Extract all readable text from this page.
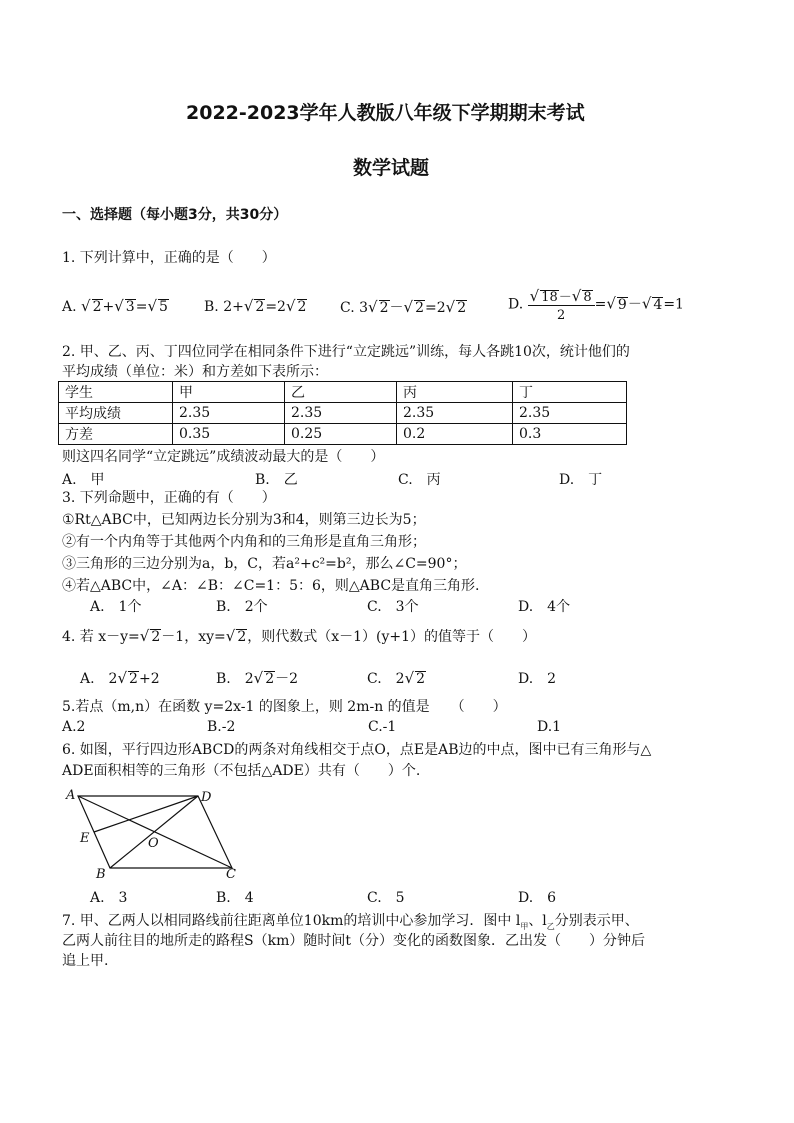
2022-2023学年人教版八年级下学期期末考试
数学试题
一、选择题（每小题3分，共30分）
1. 下列计算中，正确的是（　　）
A. √ 2+√ 3=√ 5	B. 2+√ 2=2√ 2 C. 3√ 2－√ 2=2√ 2	D. $\frac{√ 18-√ 8}{2}$ =√ 9－√ 4=1
2. 甲、乙、丙、丁四位同学在相同条件下进行“立定跳远”训练，每人各跳10次，统计他们的
平均成绩（单位：米）和方差如下表所示：
学生	甲	乙	丙	丁
平均成绩	2.35	2.35	2.35	2.35
方差	0.35	0.25	0.2	0.3
则这四名同学“立定跳远”成绩波动最大的是（　　）
A.　甲	B.　乙	C.　丙	D.　丁
3. 下列命题中，正确的有（　　）
①Rt△ABC中，已知两边长分别为3和4，则第三边长为5；
②有一个内角等于其他两个内角和的三角形是直角三角形；
③三角形的三边分别为a，b，C，若a²+c²=b²，那么∠C=90°；
④若△ABC中，∠A：∠B：∠C=1：5：6，则△ABC是直角三角形.
A.　1个	B.　2个	C.　3个	D.　4个
4. 若 x－y=√ 2－1，xy=√ 2，则代数式（x－1）(y+1）的值等于（　　）
A.　2√ 2+2	B.　2√ 2－2	C.　2√ 2	D.　2
5.若点（m,n）在函数 y=2x-1 的图象上，则 2m-n 的值是　　（　　）
A.2	B.-2	C.-1	D.1
6. 如图，平行四边形ABCD的两条对角线相交于点O，点E是AB边的中点，图中已有三角形与△
ADE面积相等的三角形（不包括△ADE）共有（　　）个.
A	D
E	O
B	C
A.　3	B.　4	C.　5	D.　6
7. 甲、乙两人以相同路线前往距离单位10km的培训中心参加学习．图中 $l_甲$、$l_乙$分别表示甲、
乙两人前往目的地所走的路程S（km）随时间t（分）变化的函数图象．乙出发（　　）分钟后
追上甲.
